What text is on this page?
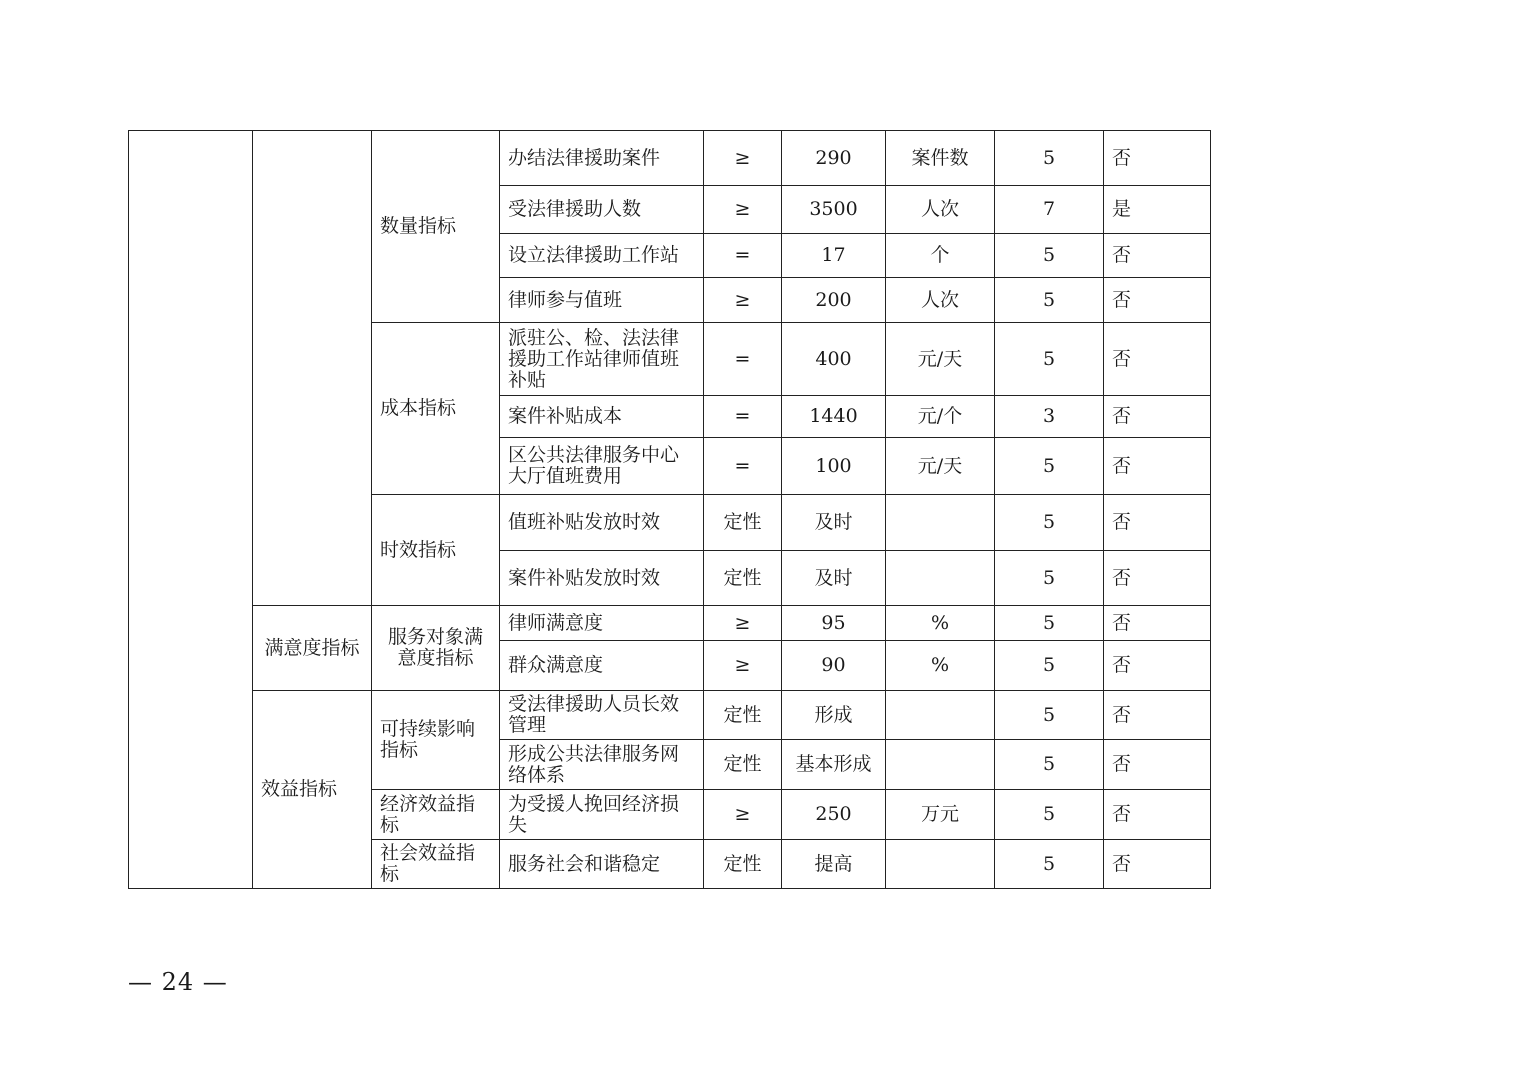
		数量指标	办结法律援助案件	≥	290	案件数	5	否
			受法律援助人数	≥	3500	人次	7	是
			设立法律援助工作站	=	17	个	5	否
			律师参与值班	≥	200	人次	5	否
		成本指标	派驻公、检、法法律援助工作站律师值班补贴	=	400	元/天	5	否
			案件补贴成本	=	1440	元/个	3	否
			区公共法律服务中心大厅值班费用	=	100	元/天	5	否
		时效指标	值班补贴发放时效	定性	及时		5	否
			案件补贴发放时效	定性	及时		5	否
	满意度指标	服务对象满意度指标	律师满意度	≥	95	%	5	否
			群众满意度	≥	90	%	5	否
	效益指标	可持续影响指标	受法律援助人员长效管理	定性	形成		5	否
			形成公共法律服务网络体系	定性	基本形成		5	否
		经济效益指标	为受援人挽回经济损失	≥	250	万元	5	否
		社会效益指标	服务社会和谐稳定	定性	提高		5	否
— 24 —
